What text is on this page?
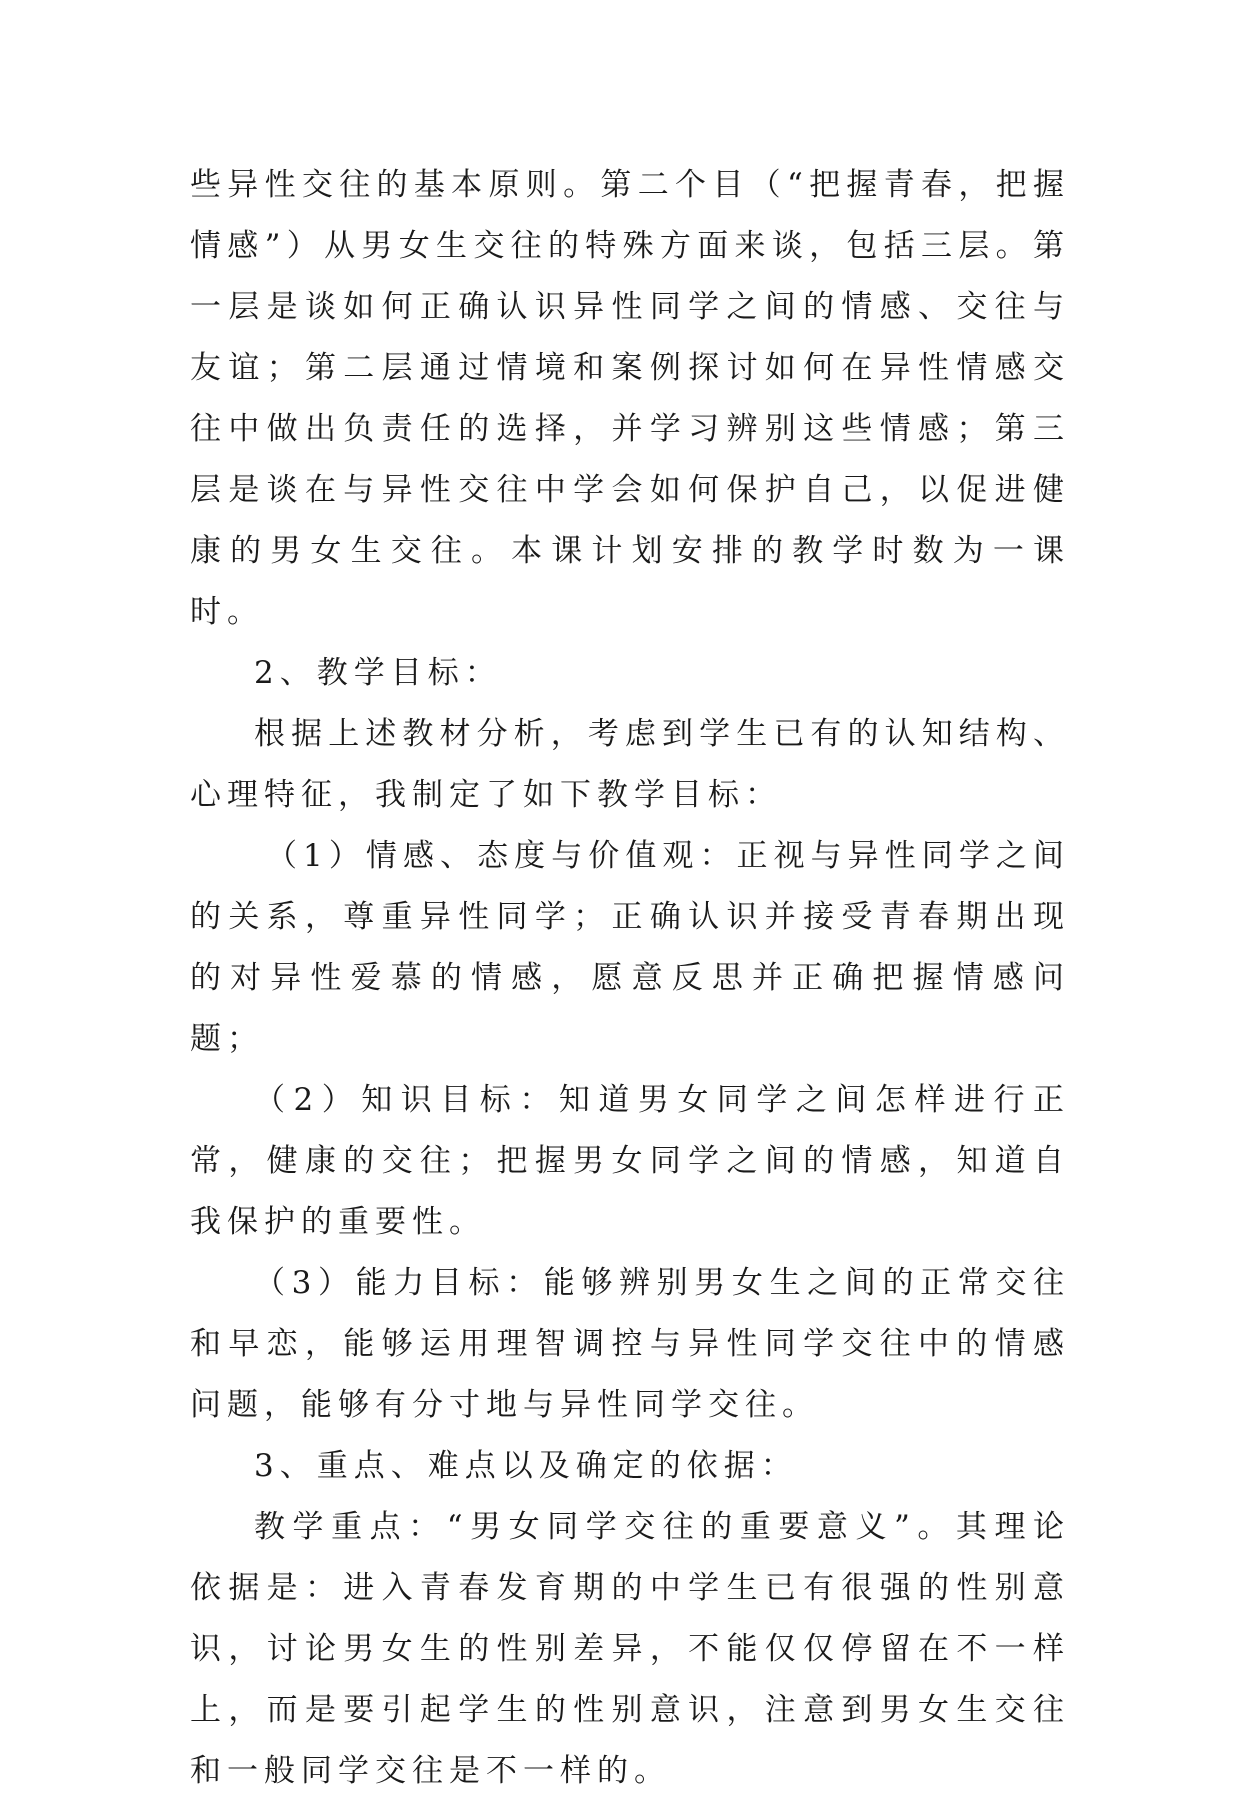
些异性交往的基本原则。第二个目（“把握青春，把握情感”）从男女生交往的特殊方面来谈，包括三层。第一层是谈如何正确认识异性同学之间的情感、交往与友谊；第二层通过情境和案例探讨如何在异性情感交往中做出负责任的选择，并学习辨别这些情感；第三层是谈在与异性交往中学会如何保护自己，以促进健康的男女生交往。本课计划安排的教学时数为一课时。

2、教学目标：

根据上述教材分析，考虑到学生已有的认知结构、心理特征，我制定了如下教学目标：

（1）情感、态度与价值观：正视与异性同学之间的关系，尊重异性同学；正确认识并接受青春期出现的对异性爱慕的情感，愿意反思并正确把握情感问题；

（2）知识目标：知道男女同学之间怎样进行正常，健康的交往；把握男女同学之间的情感，知道自我保护的重要性。

（3）能力目标：能够辨别男女生之间的正常交往和早恋，能够运用理智调控与异性同学交往中的情感问题，能够有分寸地与异性同学交往。

3、重点、难点以及确定的依据：

教学重点：“男女同学交往的重要意义”。其理论依据是：进入青春发育期的中学生已有很强的性别意识，讨论男女生的性别差异，不能仅仅停留在不一样上，而是要引起学生的性别意识，注意到男女生交往和一般同学交往是不一样的。
